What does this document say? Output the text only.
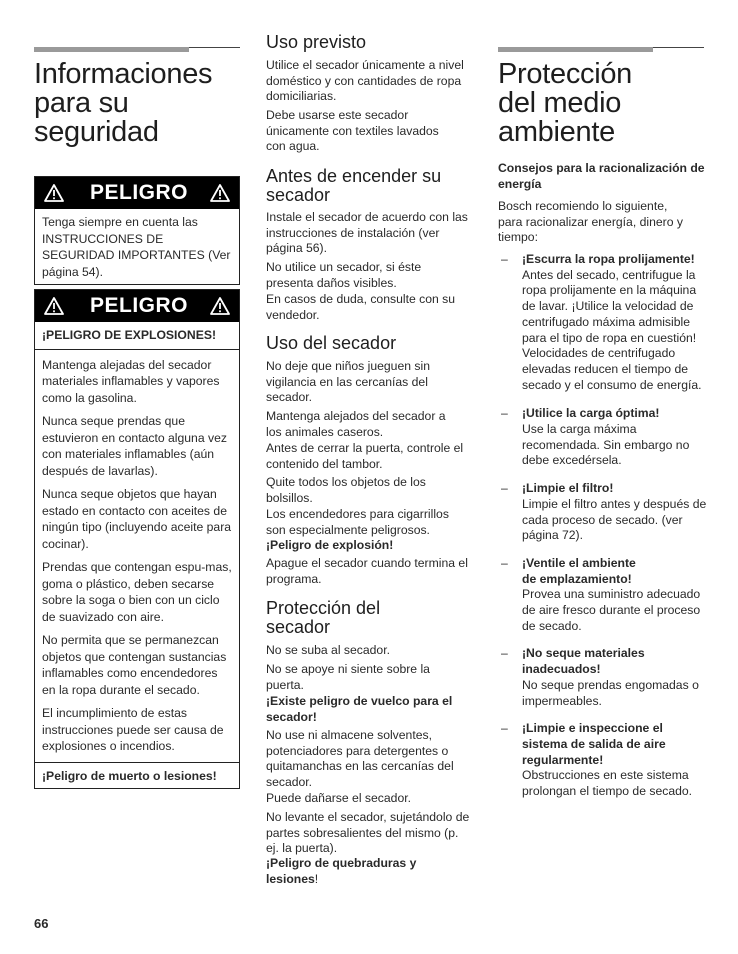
Informaciones para su seguridad
PELIGRO

Tenga siempre en cuenta las INSTRUCCIONES DE SEGURIDAD IMPORTANTES (Ver página 54).

PELIGRO

¡PELIGRO DE EXPLOSIONES!

Mantenga alejadas del secador materiales inflamables y vapores como la gasolina.

Nunca seque prendas que estuvieron en contacto alguna vez con materiales inflamables (aún después de lavarlas).

Nunca seque objetos que hayan estado en contacto con aceites de ningún tipo (incluyendo aceite para cocinar).

Prendas que contengan espu-mas, goma o plástico, deben secarse sobre la soga o bien con un ciclo de suavizado con aire.

No permita que se permanezcan objetos que contengan sustancias inflamables como encendedores en la ropa durante el secado.

El incumplimiento de estas instrucciones puede ser causa de explosiones o incendios.

¡Peligro de muerto o lesiones!

Uso previsto

Utilice el secador únicamente a nivel doméstico y con cantidades de ropa domiciliarias.

Debe usarse este secador únicamente con textiles lavados con agua.

Antes de encender su secador

Instale el secador de acuerdo con las instrucciones de instalación (ver página 56).

No utilice un secador, si éste presenta daños visibles.

En casos de duda, consulte con su vendedor.

Uso del secador

No deje que niños jueguen sin vigilancia en las cercanías del secador.

Mantenga alejados del secador a los animales caseros.

Antes de cerrar la puerta, controle el contenido del tambor.

Quite todos los objetos de los bolsillos.

Los encendedores para cigarrillos son especialmente peligrosos.

¡Peligro de explosión!

Apague el secador cuando termina el programa.

Protección del secador

No se suba al secador.

No se apoye ni siente sobre la puerta.

¡Existe peligro de vuelco para el secador!

No use ni almacene solventes, potenciadores para detergentes o quitamanchas en las cercanías del secador.

Puede dañarse el secador.

No levante el secador, sujetándolo de partes sobresalientes del mismo (p. ej. la puerta).

¡Peligro de quebraduras y lesiones!

Protección del medio ambiente

Consejos para la racionalización de energía

Bosch recomiendo lo siguiente, para racionalizar energía, dinero y tiempo:

– ¡Escurra la ropa prolijamente!
Antes del secado, centrifugue la ropa prolijamente en la máquina de lavar. ¡Utilice la velocidad de centrifugado máxima admisible para el tipo de ropa en cuestión! Velocidades de centrifugado elevadas reducen el tiempo de secado y el consumo de energía.
– ¡Utilice la carga óptima!
Use la carga máxima recomendada. Sin embargo no debe excedérsela.
– ¡Limpie el filtro!
Limpie el filtro antes y después de cada proceso de secado. (ver página 72).
– ¡Ventile el ambiente de emplazamiento!
Provea una suministro adecuado de aire fresco durante el proceso de secado.
– ¡No seque materiales inadecuados!
No seque prendas engomadas o impermeables.
– ¡Limpie e inspeccione el sistema de salida de aire regularmente!
Obstrucciones en este sistema prolongan el tiempo de secado.
66
